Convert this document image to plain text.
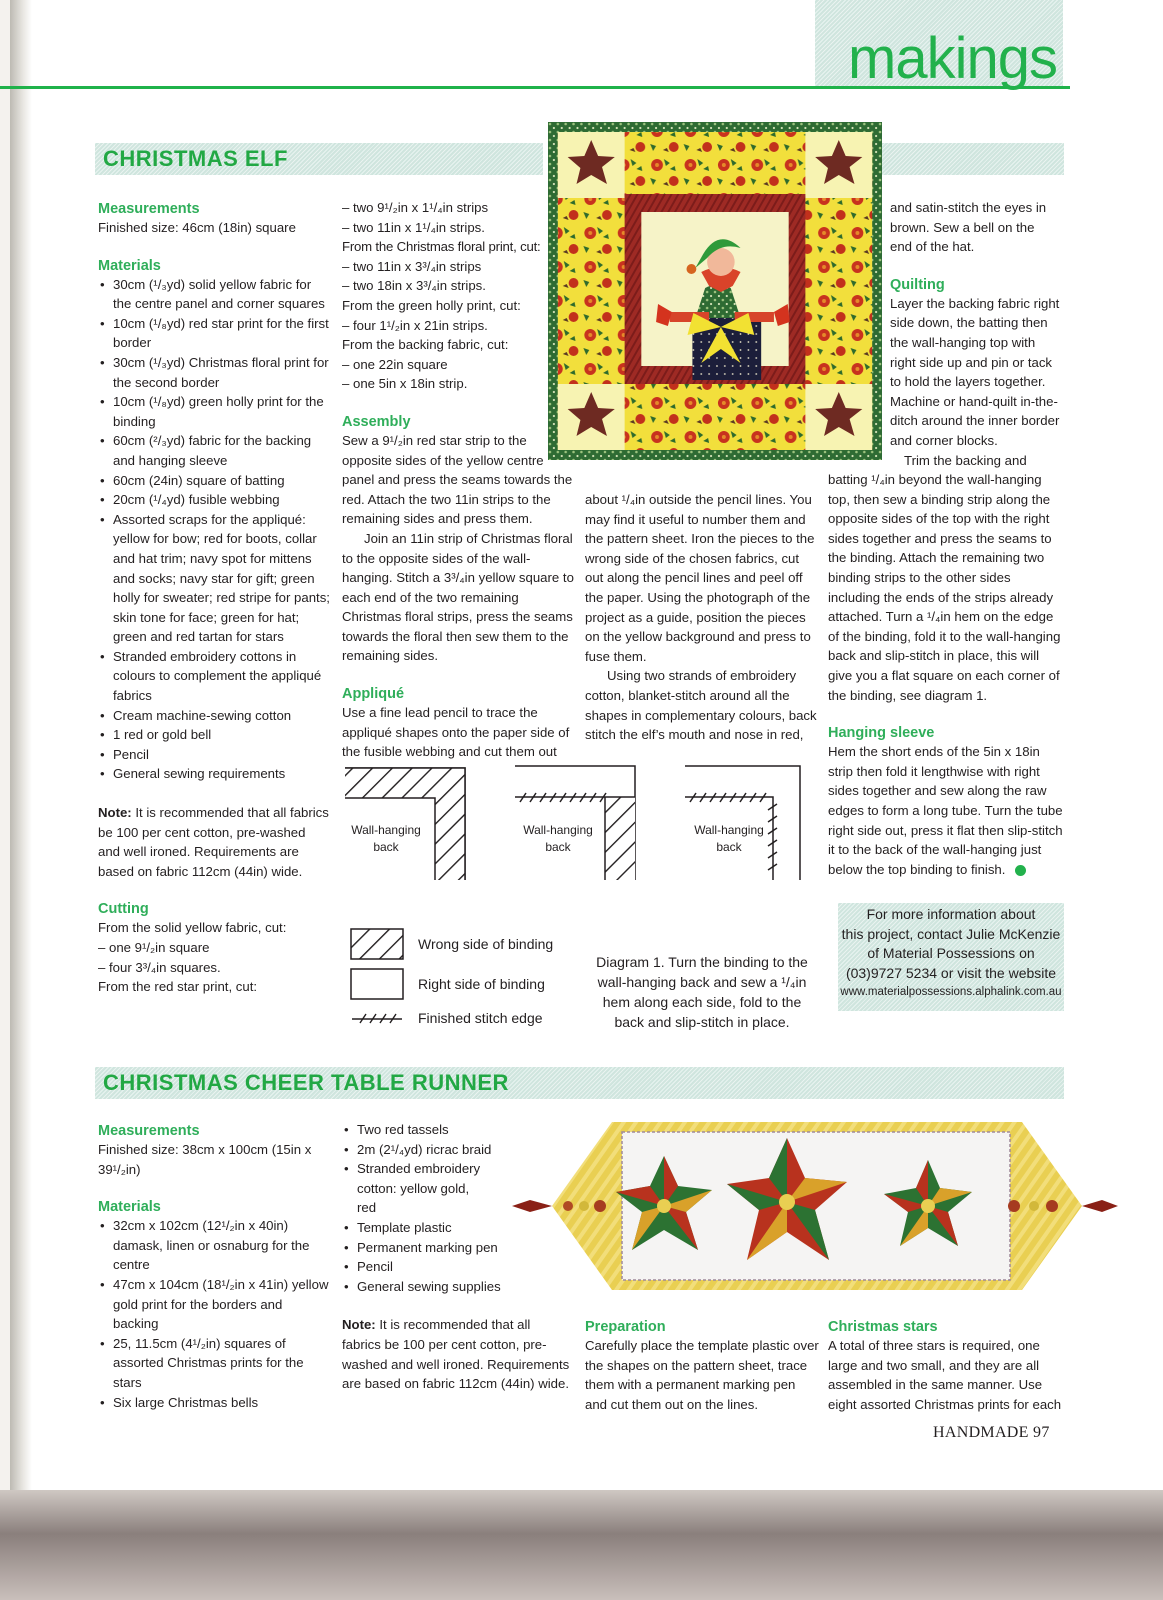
makings
CHRISTMAS ELF

Measurements

Finished size: 46cm (18in) square

Materials

• 30cm (¹/₃yd) solid yellow fabric for the centre panel and corner squares
• 10cm (¹/₈yd) red star print for the first border
• 30cm (¹/₃yd) Christmas floral print for the second border
• 10cm (¹/₈yd) green holly print for the binding
• 60cm (²/₃yd) fabric for the backing and hanging sleeve
• 60cm (24in) square of batting
• 20cm (¹/₄yd) fusible webbing
• Assorted scraps for the appliqué: yellow for bow; red for boots, collar and hat trim; navy spot for mittens and socks; navy star for gift; green holly for sweater; red stripe for pants; skin tone for face; green for hat; green and red tartan for stars
• Stranded embroidery cottons in colours to complement the appliqué fabrics
• Cream machine-sewing cotton
• 1 red or gold bell
• Pencil
• General sewing requirements

Note: It is recommended that all fabrics be 100 per cent cotton, pre-washed and well ironed. Requirements are based on fabric 112cm (44in) wide.

Cutting

From the solid yellow fabric, cut:

– one 9¹/₂in square

– four 3³/₄in squares.

From the red star print, cut:

– two 9¹/₂in x 1¹/₄in strips

– two 11in x 1¹/₄in strips.

From the Christmas floral print, cut:

– two 11in x 3³/₄in strips

– two 18in x 3³/₄in strips.

From the green holly print, cut:

– four 1¹/₂in x 21in strips.

From the backing fabric, cut:

– one 22in square

– one 5in x 18in strip.

Assembly

Sew a 9¹/₂in red star strip to the opposite sides of the yellow centre panel and press the seams towards the red. Attach the two 11in strips to the remaining sides and press them.

Join an 11in strip of Christmas floral to the opposite sides of the wall-hanging. Stitch a 3³/₄in yellow square to each end of the two remaining Christmas floral strips, press the seams towards the floral then sew them to the remaining sides.

Appliqué

Use a fine lead pencil to trace the appliqué shapes onto the paper side of the fusible webbing and cut them out

about ¹/₄in outside the pencil lines. You may find it useful to number them and the pattern sheet. Iron the pieces to the wrong side of the chosen fabrics, cut out along the pencil lines and peel off the paper. Using the photograph of the project as a guide, position the pieces on the yellow background and press to fuse them.

Using two strands of embroidery cotton, blanket-stitch around all the shapes in complementary colours, back stitch the elf’s mouth and nose in red,

and satin-stitch the eyes in brown. Sew a bell on the end of the hat.

Quilting

Layer the backing fabric right side down, the batting then the wall-hanging top with right side up and pin or tack to hold the layers together. Machine or hand-quilt in-the-ditch around the inner border and corner blocks.

Trim the backing and

batting ¹/₄in beyond the wall-hanging top, then sew a binding strip along the opposite sides of the top with the right sides together and press the seams to the binding. Attach the remaining two binding strips to the other sides including the ends of the strips already attached. Turn a ¹/₄in hem on the edge of the binding, fold it to the wall-hanging back and slip-stitch in place, this will give you a flat square on each corner of the binding, see diagram 1.

Hanging sleeve

Hem the short ends of the 5in x 18in strip then fold it lengthwise with right sides together and sew along the raw edges to form a long tube. Turn the tube right side out, press it flat then slip-stitch it to the back of the wall-hanging just below the top binding to finish.

For more information about
this project, contact Julie McKenzie
of Material Possessions on
(03)9727 5234 or visit the website
www.materialpossessions.alphalink.com.au
Wall-hanging
back
Wall-hanging
back
Wall-hanging
back
Wrong side of binding
Right side of binding
Finished stitch edge
Diagram 1. Turn the binding to the wall-hanging back and sew a ¹/₄in hem along each side, fold to the back and slip-stitch in place.
CHRISTMAS CHEER TABLE RUNNER

Measurements

Finished size: 38cm x 100cm (15in x 39¹/₂in)

Materials

• 32cm x 102cm (12¹/₂in x 40in) damask, linen or osnaburg for the centre
• 47cm x 104cm (18¹/₂in x 41in) yellow gold print for the borders and backing
• 25, 11.5cm (4¹/₂in) squares of assorted Christmas prints for the stars
• Six large Christmas bells
• Two red tassels
• 2m (2¹/₄yd) ricrac braid
• Stranded embroidery cotton: yellow gold, red
• Template plastic
• Permanent marking pen
• Pencil
• General sewing supplies

Note: It is recommended that all fabrics be 100 per cent cotton, pre-washed and well ironed. Requirements are based on fabric 112cm (44in) wide.

Preparation

Carefully place the template plastic over the shapes on the pattern sheet, trace them with a permanent marking pen and cut them out on the lines.

Christmas stars

A total of three stars is required, one large and two small, and they are all assembled in the same manner. Use eight assorted Christmas prints for each

HANDMADE 97
